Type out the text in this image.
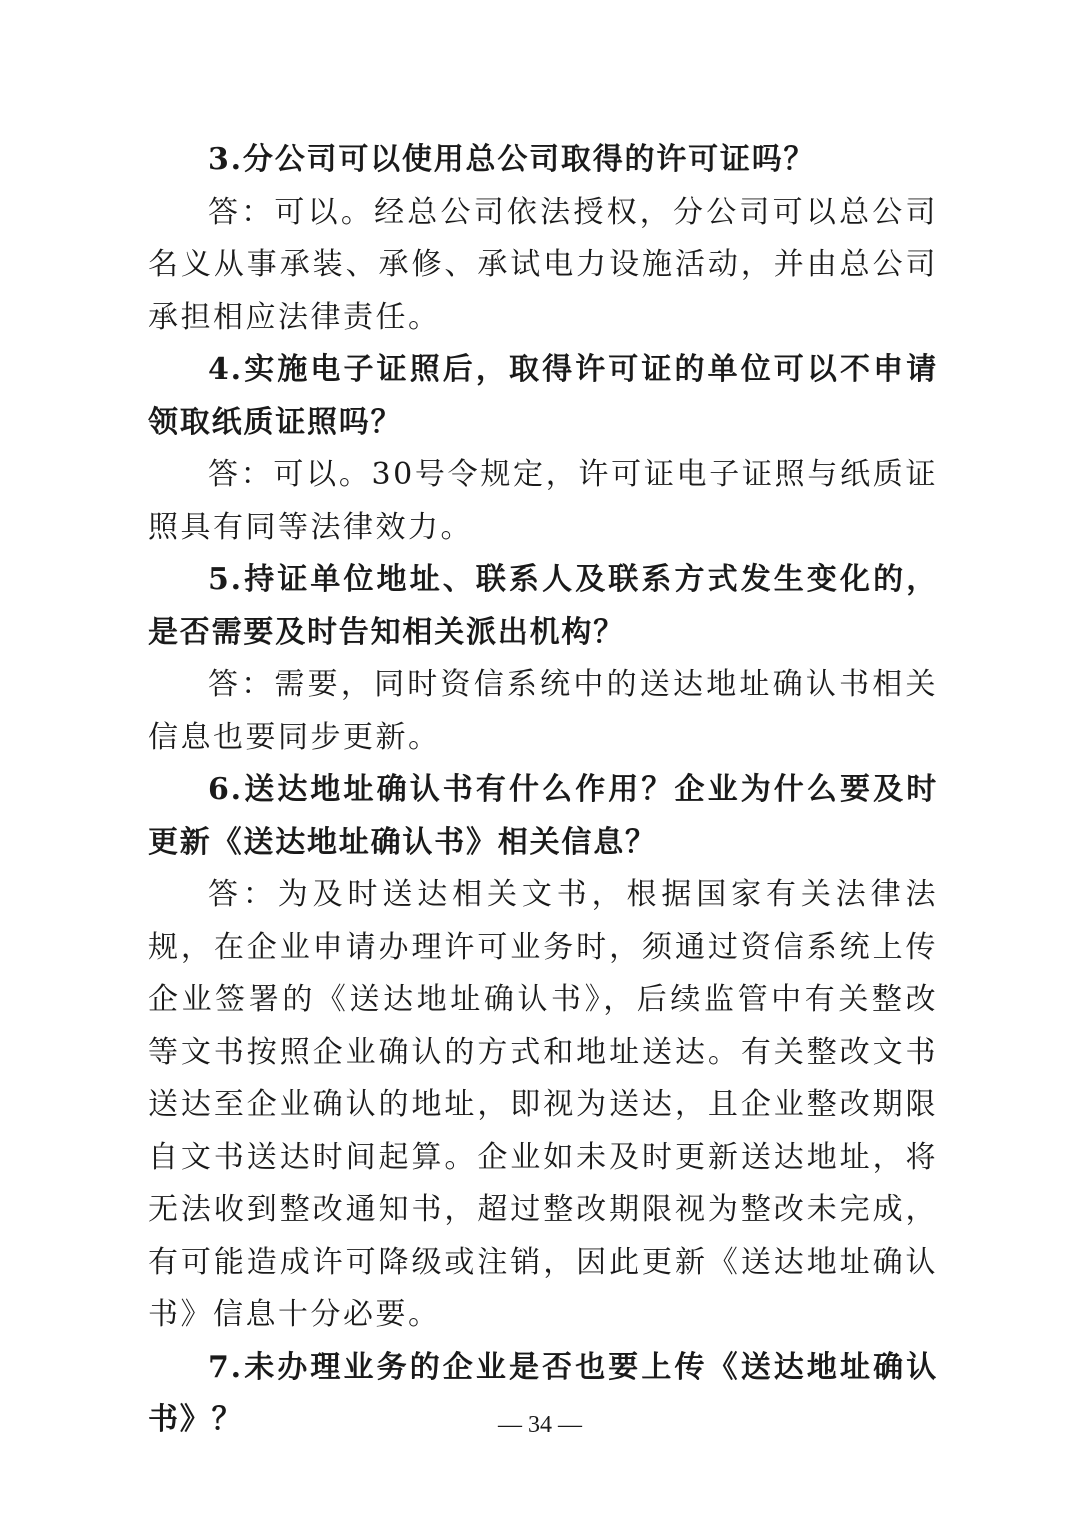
3.分公司可以使用总公司取得的许可证吗？

答：可以。经总公司依法授权，分公司可以总公司名义从事承装、承修、承试电力设施活动，并由总公司承担相应法律责任。

4.实施电子证照后，取得许可证的单位可以不申请领取纸质证照吗？

答：可以。30号令规定，许可证电子证照与纸质证照具有同等法律效力。

5.持证单位地址、联系人及联系方式发生变化的，是否需要及时告知相关派出机构？

答：需要，同时资信系统中的送达地址确认书相关信息也要同步更新。

6.送达地址确认书有什么作用？企业为什么要及时更新《送达地址确认书》相关信息？

答：为及时送达相关文书，根据国家有关法律法规，在企业申请办理许可业务时，须通过资信系统上传企业签署的《送达地址确认书》，后续监管中有关整改等文书按照企业确认的方式和地址送达。有关整改文书送达至企业确认的地址，即视为送达，且企业整改期限自文书送达时间起算。企业如未及时更新送达地址，将无法收到整改通知书，超过整改期限视为整改未完成，有可能造成许可降级或注销，因此更新《送达地址确认书》信息十分必要。

7.未办理业务的企业是否也要上传《送达地址确认书》？	— 34 —
